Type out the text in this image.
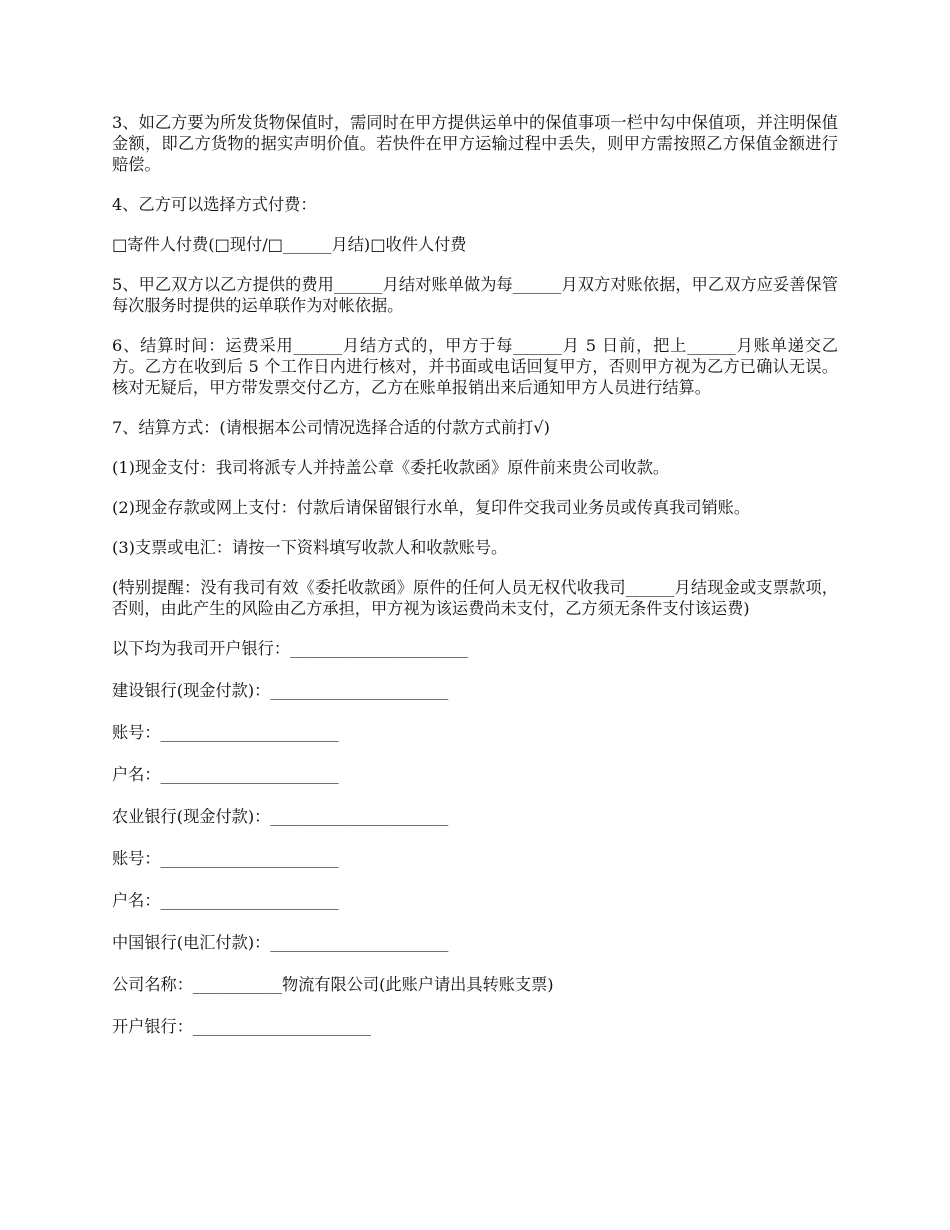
3、如乙方要为所发货物保值时，需同时在甲方提供运单中的保值事项一栏中勾中保值项，并注明保值金额，即乙方货物的据实声明价值。若快件在甲方运输过程中丢失，则甲方需按照乙方保值金额进行赔偿。

4、乙方可以选择方式付费：

□寄件人付费(□现付/□______月结)□收件人付费

5、甲乙双方以乙方提供的费用______月结对账单做为每______月双方对账依据，甲乙双方应妥善保管每次服务时提供的运单联作为对帐依据。

6、结算时间：运费采用______月结方式的，甲方于每______月 5 日前，把上______月账单递交乙方。乙方在收到后 5 个工作日内进行核对，并书面或电话回复甲方，否则甲方视为乙方已确认无误。核对无疑后，甲方带发票交付乙方，乙方在账单报销出来后通知甲方人员进行结算。

7、结算方式：(请根据本公司情况选择合适的付款方式前打√)

(1)现金支付：我司将派专人并持盖公章《委托收款函》原件前来贵公司收款。

(2)现金存款或网上支付：付款后请保留银行水单，复印件交我司业务员或传真我司销账。

(3)支票或电汇：请按一下资料填写收款人和收款账号。

(特别提醒：没有我司有效《委托收款函》原件的任何人员无权代收我司______月结现金或支票款项，否则，由此产生的风险由乙方承担，甲方视为该运费尚未支付，乙方须无条件支付该运费)

以下均为我司开户银行：______________________
建设银行(现金付款)：______________________
账号：______________________
户名：______________________
农业银行(现金付款)：______________________
账号：______________________
户名：______________________
中国银行(电汇付款)：______________________
公司名称：___________物流有限公司(此账户请出具转账支票)
开户银行：______________________
